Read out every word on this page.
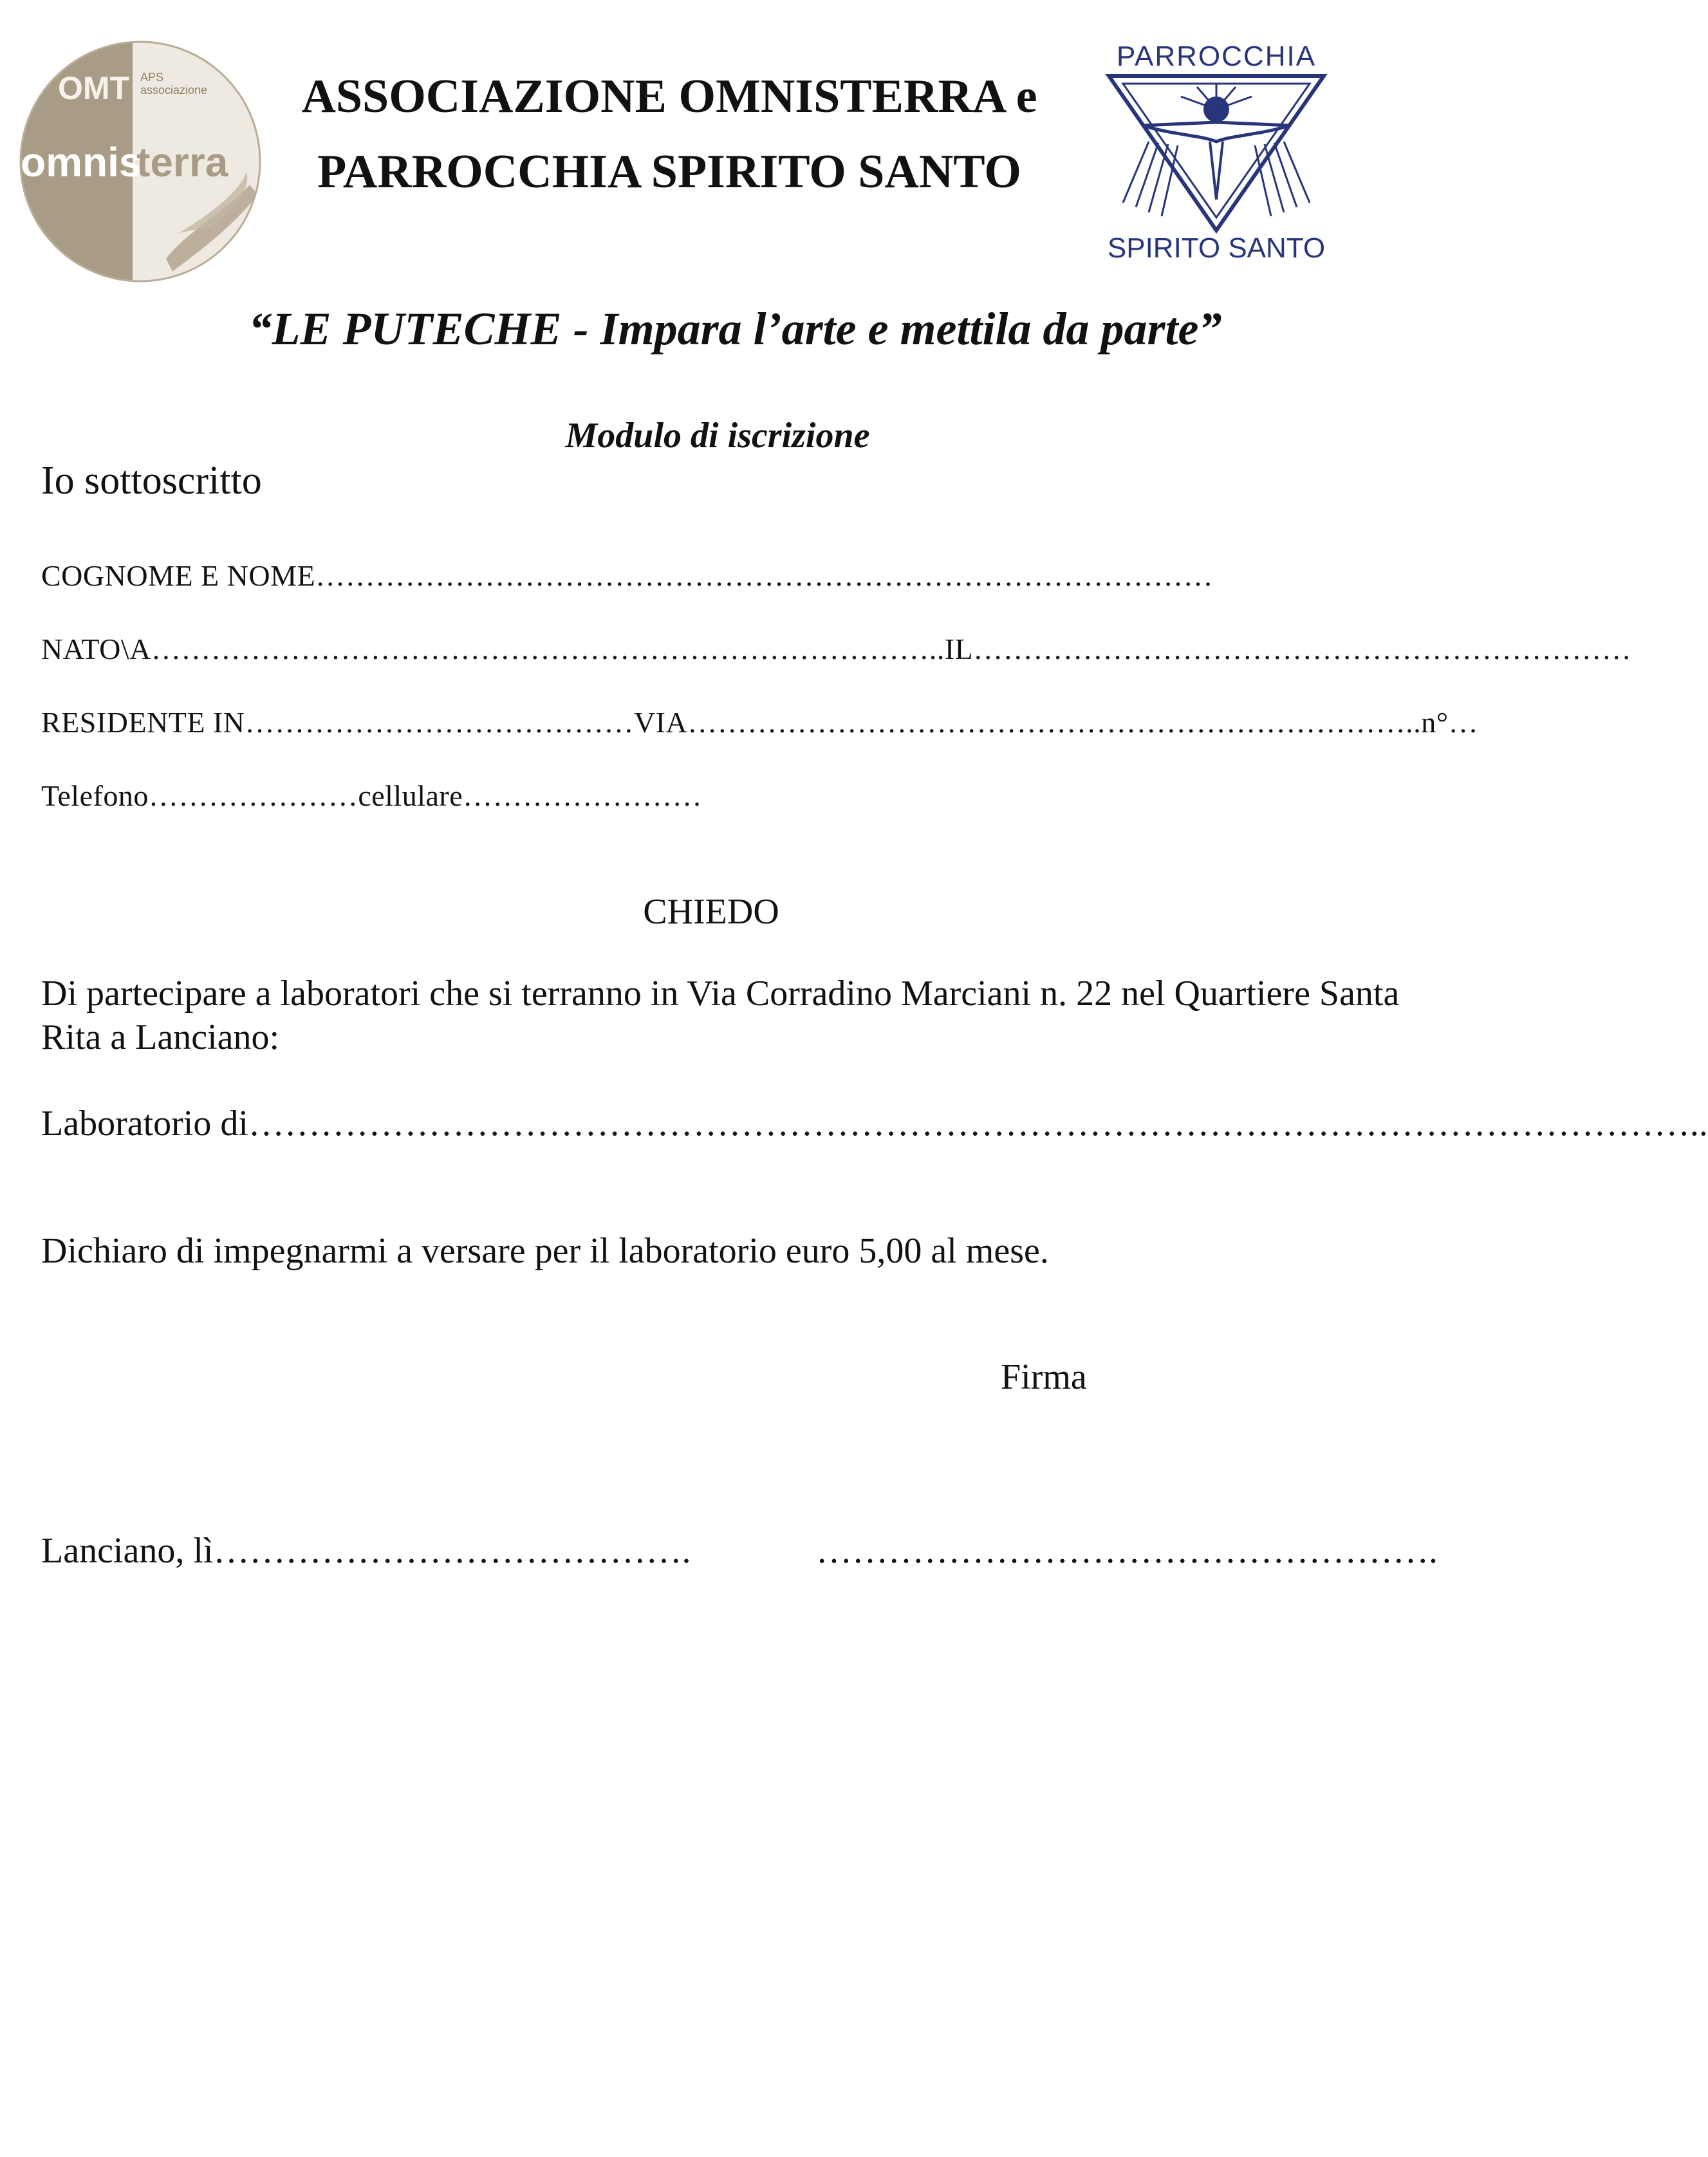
OMT APS
associazione
omnis
terra
ASSOCIAZIONE OMNISTERRA e
PARROCCHIA SPIRITO SANTO
PARROCCHIA
SPIRITO SANTO
“LE PUTECHE - Impara l’arte e mettila da parte”
Modulo di iscrizione
Io sottoscritto
COGNOME E NOME………………………………………………………………………………
NATO\A……………………………………………………………………..IL…………………………………………………………
RESIDENTE IN…………………………………VIA………………………………………………………………..n°…
Telefono…………………cellulare……………………
CHIEDO
Di partecipare a laboratori che si terranno in Via Corradino Marciani n. 22 nel Quartiere Santa Rita a Lanciano:
Laboratorio di…………………………………………………………………………………………………………..
Dichiaro di impegnarmi a versare per il laboratorio euro 5,00 al mese.
Firma
Lanciano, lì………………………………….	…………………………………………….
